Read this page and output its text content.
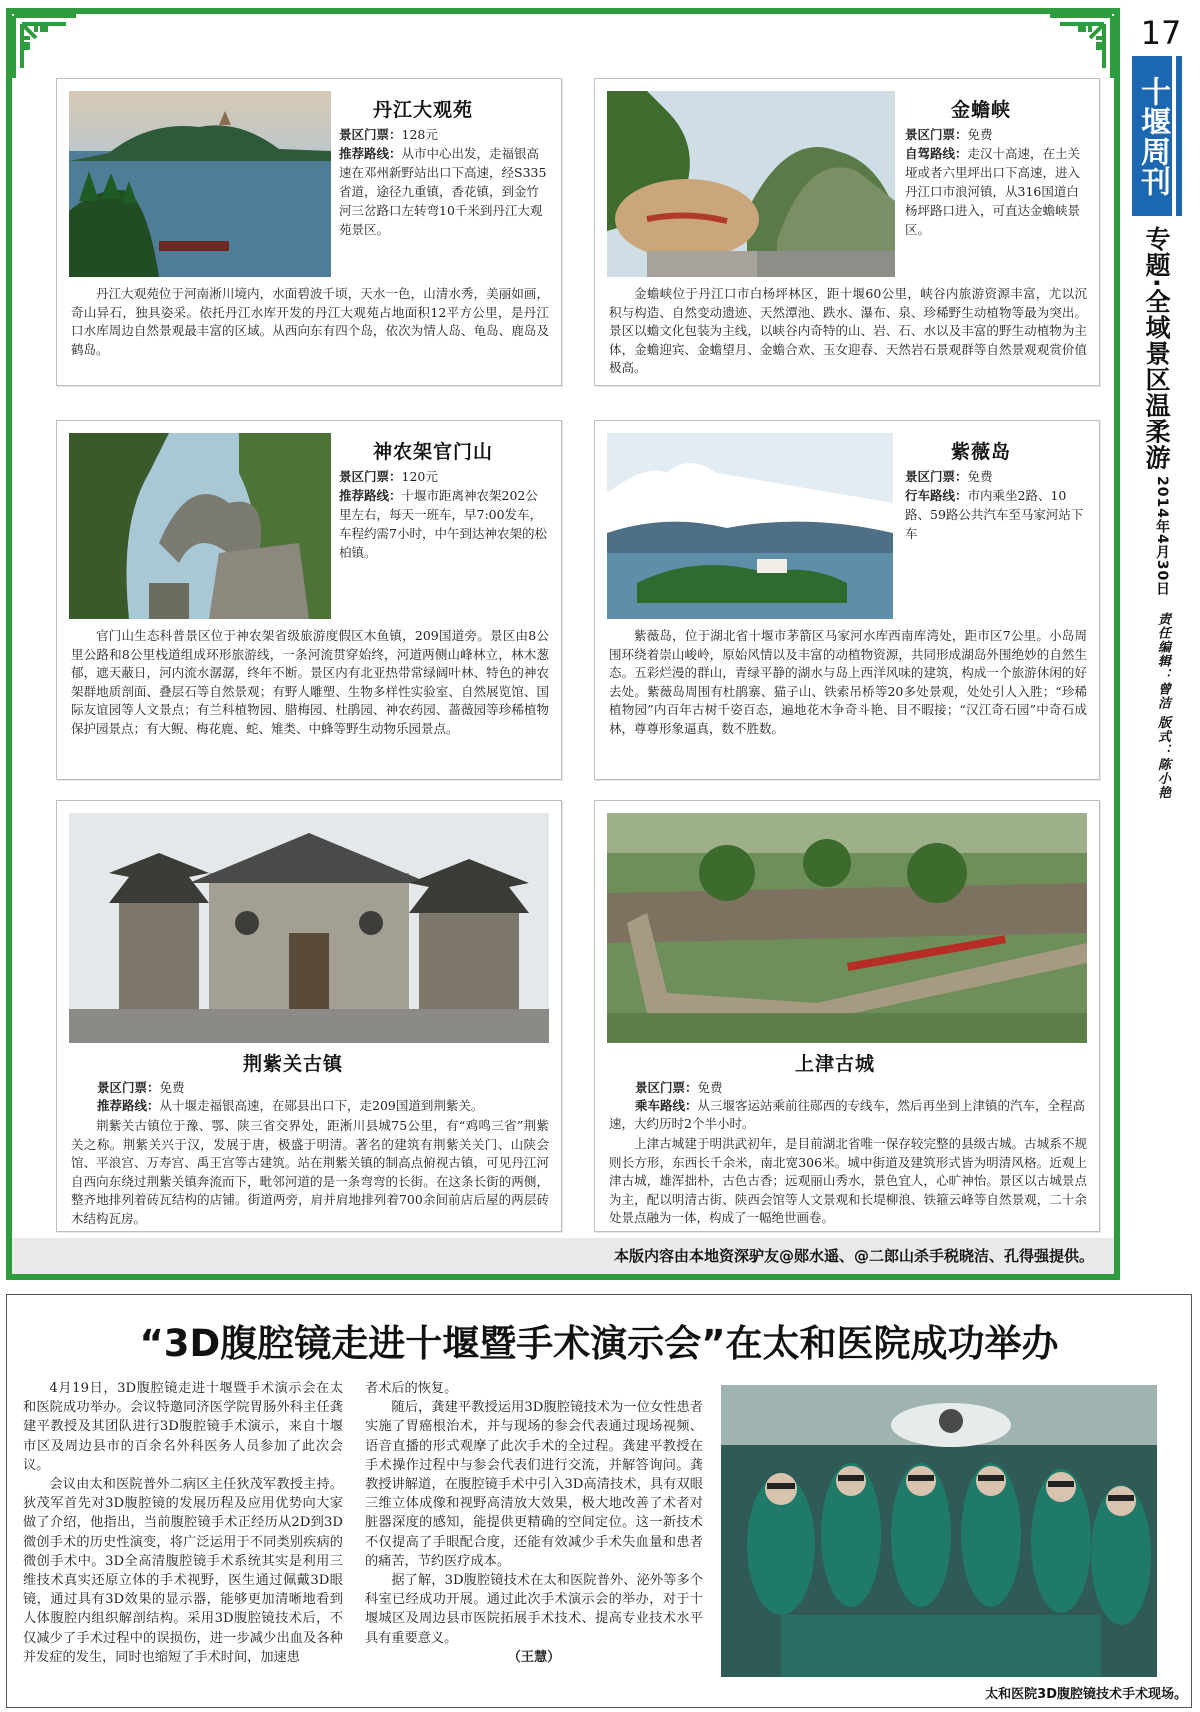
丹江大观苑
景区门票：128元
推荐路线：从市中心出发，走福银高速在邓州新野站出口下高速，经S335省道，途径九重镇，香花镇，到金竹河三岔路口左转弯10千米到丹江大观苑景区。
丹江大观苑位于河南淅川境内，水面碧波千顷，天水一色，山清水秀，美丽如画，奇山异石，独具姿采。依托丹江水库开发的丹江大观苑占地面积12平方公里，是丹江口水库周边自然景观最丰富的区域。从西向东有四个岛，依次为情人岛、龟岛、鹿岛及鹤岛。
金蟾峡
景区门票：免费
自驾路线：走汉十高速，在土关垭或者六里坪出口下高速，进入丹江口市浪河镇，从316国道白杨坪路口进入，可直达金蟾峡景区。
金蟾峡位于丹江口市白杨坪林区，距十堰60公里，峡谷内旅游资源丰富，尤以沉积与构造、自然变动遗迹、天然潭池、跌水、瀑布、泉、珍稀野生动植物等最为突出。景区以蟾文化包装为主线，以峡谷内奇特的山、岩、石、水以及丰富的野生动植物为主体，金蟾迎宾、金蟾望月、金蟾合欢、玉女迎春、天然岩石景观群等自然景观观赏价值极高。
神农架官门山
景区门票：120元
推荐路线：十堰市距离神农架202公里左右，每天一班车，早7:00发车，车程约需7小时，中午到达神农架的松柏镇。
官门山生态科普景区位于神农架省级旅游度假区木鱼镇，209国道旁。景区由8公里公路和8公里栈道组成环形旅游线，一条河流贯穿始终，河道两侧山峰林立，林木葱郁，遮天蔽日，河内流水潺潺，终年不断。景区内有北亚热带常绿阔叶林、特色的神农架群地质剖面、叠层石等自然景观；有野人雕塑、生物多样性实验室、自然展览馆、国际友谊园等人文景点；有兰科植物园、腊梅园、杜鹃园、神农药园、蔷薇园等珍稀植物保护园景点；有大鲵、梅花鹿、蛇、雉类、中蜂等野生动物乐园景点。
紫薇岛
景区门票：免费
行车路线：市内乘坐2路、10路、59路公共汽车至马家河站下车
紫薇岛，位于湖北省十堰市茅箭区马家河水库西南库湾处，距市区7公里。小岛周围环绕着崇山峻岭，原始风情以及丰富的动植物资源，共同形成湖岛外围绝妙的自然生态。五彩烂漫的群山，青绿平静的湖水与岛上西洋风味的建筑，构成一个旅游休闲的好去处。紫薇岛周围有杜鹃寨、猫子山、铁索吊桥等20多处景观，处处引人入胜；“珍稀植物园”内百年古树千姿百态，遍地花木争奇斗艳、目不暇接；“汉江奇石园”中奇石成林，尊尊形象逼真，数不胜数。
荆紫关古镇
景区门票：免费
推荐路线：从十堰走福银高速，在郧县出口下，走209国道到荆紫关。
荆紫关古镇位于豫、鄂、陕三省交界处，距淅川县城75公里，有“鸡鸣三省”荆紫关之称。荆紫关兴于汉，发展于唐，极盛于明清。著名的建筑有荆紫关关门、山陕会馆、平浪宫、万寿宫、禹王宫等古建筑。站在荆紫关镇的制高点俯视古镇，可见丹江河自西向东绕过荆紫关镇奔流而下，毗邻河道的是一条弯弯的长街。在这条长街的两侧，整齐地排列着砖瓦结构的店铺。街道两旁，肩并肩地排列着700余间前店后屋的两层砖木结构瓦房。
上津古城
景区门票：免费
乘车路线：从三堰客运站乘前往郧西的专线车，然后再坐到上津镇的汽车，全程高速，大约历时2个半小时。
上津古城建于明洪武初年，是目前湖北省唯一保存较完整的县级古城。古城系不规则长方形，东西长千余米，南北宽306米。城中街道及建筑形式皆为明清风格。近观上津古城，雄浑拙朴，古色古香；远观丽山秀水，景色宜人，心旷神怡。景区以古城景点为主，配以明清古街、陕西会馆等人文景观和长堤柳浪、铁箍云峰等自然景观，二十余处景点融为一体，构成了一幅绝世画卷。
本版内容由本地资深驴友@郧水遥、@二郎山杀手税晓洁、孔得强提供。
17
十堰周刊
专题·全域景区温柔游
2014年4月30日
责任编辑：曾洁 版式：陈小艳
“3D腹腔镜走进十堰暨手术演示会”在太和医院成功举办

4月19日，3D腹腔镜走进十堰暨手术演示会在太和医院成功举办。会议特邀同济医学院胃肠外科主任龚建平教授及其团队进行3D腹腔镜手术演示，来自十堰市区及周边县市的百余名外科医务人员参加了此次会议。

会议由太和医院普外二病区主任狄茂军教授主持。狄茂军首先对3D腹腔镜的发展历程及应用优势向大家做了介绍，他指出，当前腹腔镜手术正经历从2D到3D微创手术的历史性演变，将广泛运用于不同类别疾病的微创手术中。3D全高清腹腔镜手术系统其实是利用三维技术真实还原立体的手术视野，医生通过佩戴3D眼镜，通过具有3D效果的显示器，能够更加清晰地看到人体腹腔内组织解剖结构。采用3D腹腔镜技术后，不仅减少了手术过程中的误损伤，进一步减少出血及各种并发症的发生，同时也缩短了手术时间，加速患

者术后的恢复。

随后，龚建平教授运用3D腹腔镜技术为一位女性患者实施了胃癌根治术，并与现场的参会代表通过现场视频、语音直播的形式观摩了此次手术的全过程。龚建平教授在手术操作过程中与参会代表们进行交流，并解答询问。龚教授讲解道，在腹腔镜手术中引入3D高清技术，具有双眼三维立体成像和视野高清放大效果，极大地改善了术者对脏器深度的感知，能提供更精确的空间定位。这一新技术不仅提高了手眼配合度，还能有效减少手术失血量和患者的痛苦，节约医疗成本。

据了解，3D腹腔镜技术在太和医院普外、泌外等多个科室已经成功开展。通过此次手术演示会的举办，对于十堰城区及周边县市医院拓展手术技术、提高专业技术水平具有重要意义。

（王慧）
太和医院3D腹腔镜技术手术现场。
